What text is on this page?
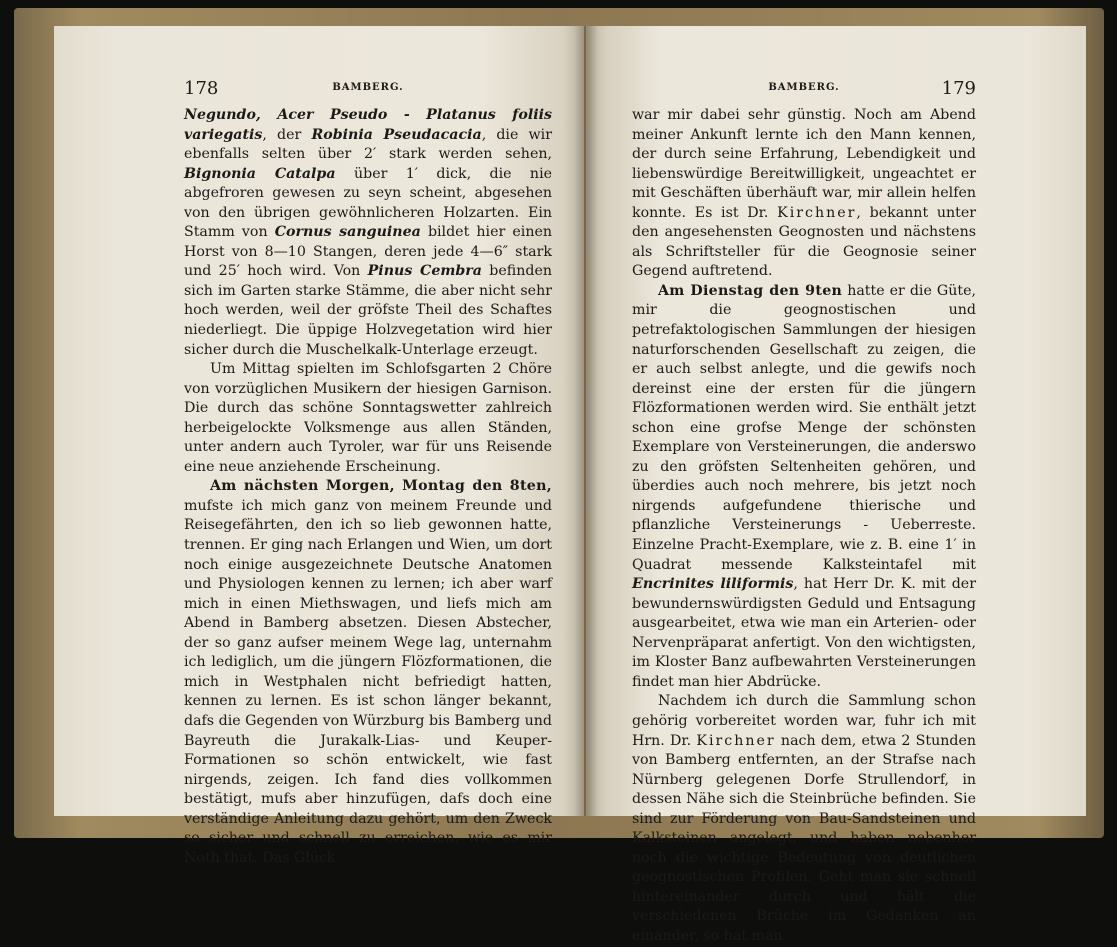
178	BAMBERG.

Negundo, Acer Pseudo - Platanus foliis variegatis, der Robinia Pseudacacia, die wir ebenfalls selten über 2′ stark werden sehen, Bignonia Catalpa über 1′ dick, die nie abgefroren gewesen zu seyn scheint, abgesehen von den übrigen gewöhnlicheren Holzarten. Ein Stamm von Cornus sanguinea bildet hier einen Horst von 8—10 Stangen, deren jede 4—6″ stark und 25′ hoch wird. Von Pinus Cembra befinden sich im Garten starke Stämme, die aber nicht sehr hoch werden, weil der gröfste Theil des Schaftes niederliegt. Die üppige Holzvegetation wird hier sicher durch die Muschelkalk-Unterlage erzeugt.

Um Mittag spielten im Schlofsgarten 2 Chöre von vorzüglichen Musikern der hiesigen Garnison. Die durch das schöne Sonntagswetter zahlreich herbeigelockte Volksmenge aus allen Ständen, unter andern auch Tyroler, war für uns Reisende eine neue anziehende Erscheinung.

Am nächsten Morgen, Montag den 8ten, mufste ich mich ganz von meinem Freunde und Reisegefährten, den ich so lieb gewonnen hatte, trennen. Er ging nach Erlangen und Wien, um dort noch einige ausgezeichnete Deutsche Anatomen und Physiologen kennen zu lernen; ich aber warf mich in einen Miethswagen, und liefs mich am Abend in Bamberg absetzen. Diesen Abstecher, der so ganz aufser meinem Wege lag, unternahm ich lediglich, um die jüngern Flözformationen, die mich in Westphalen nicht befriedigt hatten, kennen zu lernen. Es ist schon länger bekannt, dafs die Gegenden von Würzburg bis Bamberg und Bayreuth die Jurakalk-Lias- und Keuper-Formationen so schön entwickelt, wie fast nirgends, zeigen. Ich fand dies vollkommen bestätigt, mufs aber hinzufügen, dafs doch eine verständige Anleitung dazu gehört, um den Zweck so sicher und schnell zu erreichen, wie es mir Noth that. Das Glück

BAMBERG.	179

war mir dabei sehr günstig. Noch am Abend meiner Ankunft lernte ich den Mann kennen, der durch seine Erfahrung, Lebendigkeit und liebenswürdige Bereitwilligkeit, ungeachtet er mit Geschäften überhäuft war, mir allein helfen konnte. Es ist Dr. Kirchner, bekannt unter den angesehensten Geognosten und nächstens als Schriftsteller für die Geognosie seiner Gegend auftretend.

Am Dienstag den 9ten hatte er die Güte, mir die geognostischen und petrefaktologischen Sammlungen der hiesigen naturforschenden Gesellschaft zu zeigen, die er auch selbst anlegte, und die gewifs noch dereinst eine der ersten für die jüngern Flözformationen werden wird. Sie enthält jetzt schon eine grofse Menge der schönsten Exemplare von Versteinerungen, die anderswo zu den gröfsten Seltenheiten gehören, und überdies auch noch mehrere, bis jetzt noch nirgends aufgefundene thierische und pflanzliche Versteinerungs - Ueberreste. Einzelne Pracht-Exemplare, wie z. B. eine 1′ in Quadrat messende Kalksteintafel mit Encrinites liliformis, hat Herr Dr. K. mit der bewundernswürdigsten Geduld und Entsagung ausgearbeitet, etwa wie man ein Arterien- oder Nervenpräparat anfertigt. Von den wichtigsten, im Kloster Banz aufbewahrten Versteinerungen findet man hier Abdrücke.

Nachdem ich durch die Sammlung schon gehörig vorbereitet worden war, fuhr ich mit Hrn. Dr. Kirchner nach dem, etwa 2 Stunden von Bamberg entfernten, an der Strafse nach Nürnberg gelegenen Dorfe Strullendorf, in dessen Nähe sich die Steinbrüche befinden. Sie sind zur Förderung von Bau-Sandsteinen und Kalksteinen angelegt, und haben nebenher noch die wichtige Bedeutung von deutlichen geognostischen Profilen. Geht man sie schnell hintereinander durch und hält die verschiedenen Brüche im Gedanken an einander, so hat man
